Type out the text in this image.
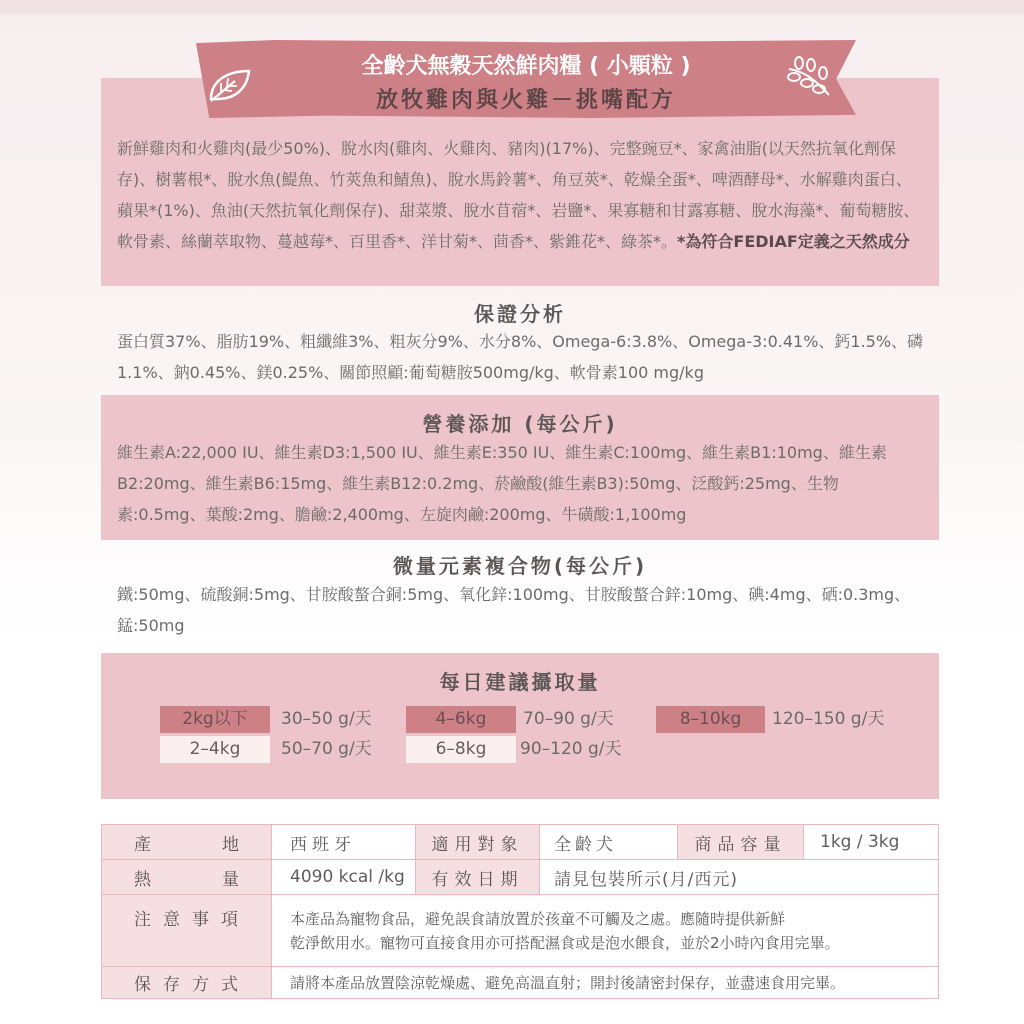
全齡犬無穀天然鮮肉糧 ( 小顆粒 )
放牧雞肉與火雞－挑嘴配方

新鮮雞肉和火雞肉(最少50%)、脫水肉(雞肉、火雞肉、豬肉)(17%)、完整豌豆*、家禽油脂(以天然抗氧化劑保存)、樹薯根*、脫水魚(鯷魚、竹莢魚和鯖魚)、脫水馬鈴薯*、角豆莢*、乾燥全蛋*、啤酒酵母*、水解雞肉蛋白、蘋果*(1%)、魚油(天然抗氧化劑保存)、甜菜漿、脫水苜蓿*、岩鹽*、果寡糖和甘露寡糖、脫水海藻*、葡萄糖胺、軟骨素、絲蘭萃取物、蔓越莓*、百里香*、洋甘菊*、茴香*、紫錐花*、綠茶*。*為符合FEDIAF定義之天然成分

保證分析

蛋白質37%、脂肪19%、粗纖維3%、粗灰分9%、水分8%、Omega-6:3.8%、Omega-3:0.41%、鈣1.5%、磷1.1%、鈉0.45%、鎂0.25%、關節照顧:葡萄糖胺500mg/kg、軟骨素100 mg/kg

營養添加 (每公斤)

維生素A:22,000 IU、維生素D3:1,500 IU、維生素E:350 IU、維生素C:100mg、維生素B1:10mg、維生素B2:20mg、維生素B6:15mg、維生素B12:0.2mg、菸鹼酸(維生素B3):50mg、泛酸鈣:25mg、生物素:0.5mg、葉酸:2mg、膽鹼:2,400mg、左旋肉鹼:200mg、牛磺酸:1,100mg

微量元素複合物(每公斤)

鐵:50mg、硫酸銅:5mg、甘胺酸螯合銅:5mg、氧化鋅:100mg、甘胺酸螯合鋅:10mg、碘:4mg、硒:0.3mg、錳:50mg

每日建議攝取量
2kg以下	30–50 g/天
2–4kg	50–70 g/天
4–6kg	70–90 g/天
6–8kg	90–120 g/天
8–10kg	120–150 g/天
產	地	西班牙	適用對象	全齡犬	商品容量	1kg / 3kg
熱	量	4090 kcal /kg	有效日期	請見包裝所示(月/西元)
注意事項	本產品為寵物食品，避免誤食請放置於孩童不可觸及之處。應隨時提供新鮮
乾淨飲用水。寵物可直接食用亦可搭配濕食或是泡水餵食，並於2小時內食用完畢。
保存方式	請將本產品放置陰涼乾燥處、避免高溫直射；開封後請密封保存，並盡速食用完畢。
